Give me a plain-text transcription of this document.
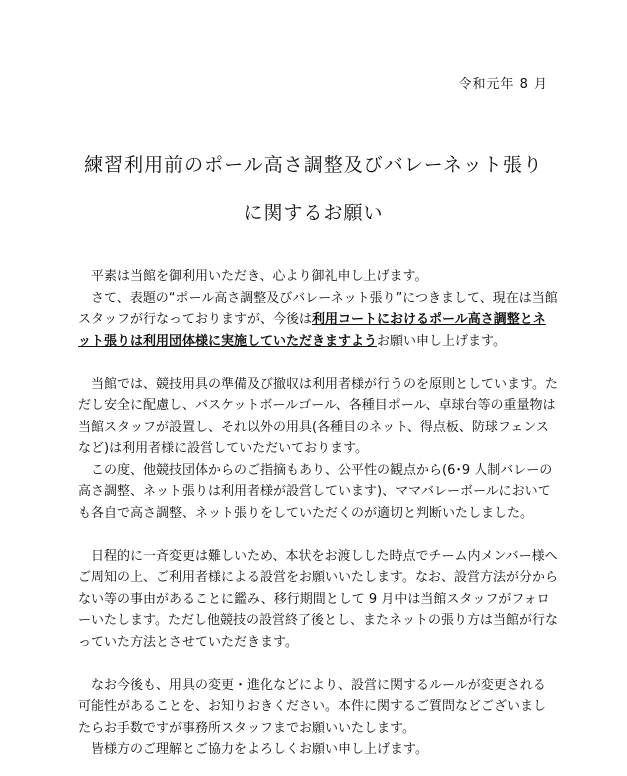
令和元年 8 月
練習利用前のポール高さ調整及びバレーネット張り
に関するお願い

平素は当館を御利用いただき、心より御礼申し上げます。

さて、表題の“ポール高さ調整及びバレーネット張り”につきまして、現在は当館スタッフが行なっておりますが、今後は利用コートにおけるポール高さ調整とネット張りは利用団体様に実施していただきますようお願い申し上げます。

当館では、競技用具の準備及び撤収は利用者様が行うのを原則としています。ただし安全に配慮し、バスケットボールゴール、各種目ポール、卓球台等の重量物は当館スタッフが設置し、それ以外の用具(各種目のネット、得点板、防球フェンスなど)は利用者様に設営していただいております。

この度、他競技団体からのご指摘もあり、公平性の観点から(6･9 人制バレーの高さ調整、ネット張りは利用者様が設営しています)、ママバレーボールにおいても各自で高さ調整、ネット張りをしていただくのが適切と判断いたしました。

日程的に一斉変更は難しいため、本状をお渡しした時点でチーム内メンバー様へご周知の上、ご利用者様による設営をお願いいたします。なお、設営方法が分からない等の事由があることに鑑み、移行期間として 9 月中は当館スタッフがフォローいたします。ただし他競技の設営終了後とし、またネットの張り方は当館が行なっていた方法とさせていただきます。

なお今後も、用具の変更・進化などにより、設営に関するルールが変更される可能性があることを、お知りおきください。本件に関するご質問などございましたらお手数ですが事務所スタッフまでお願いいたします。

皆様方のご理解とご協力をよろしくお願い申し上げます。
